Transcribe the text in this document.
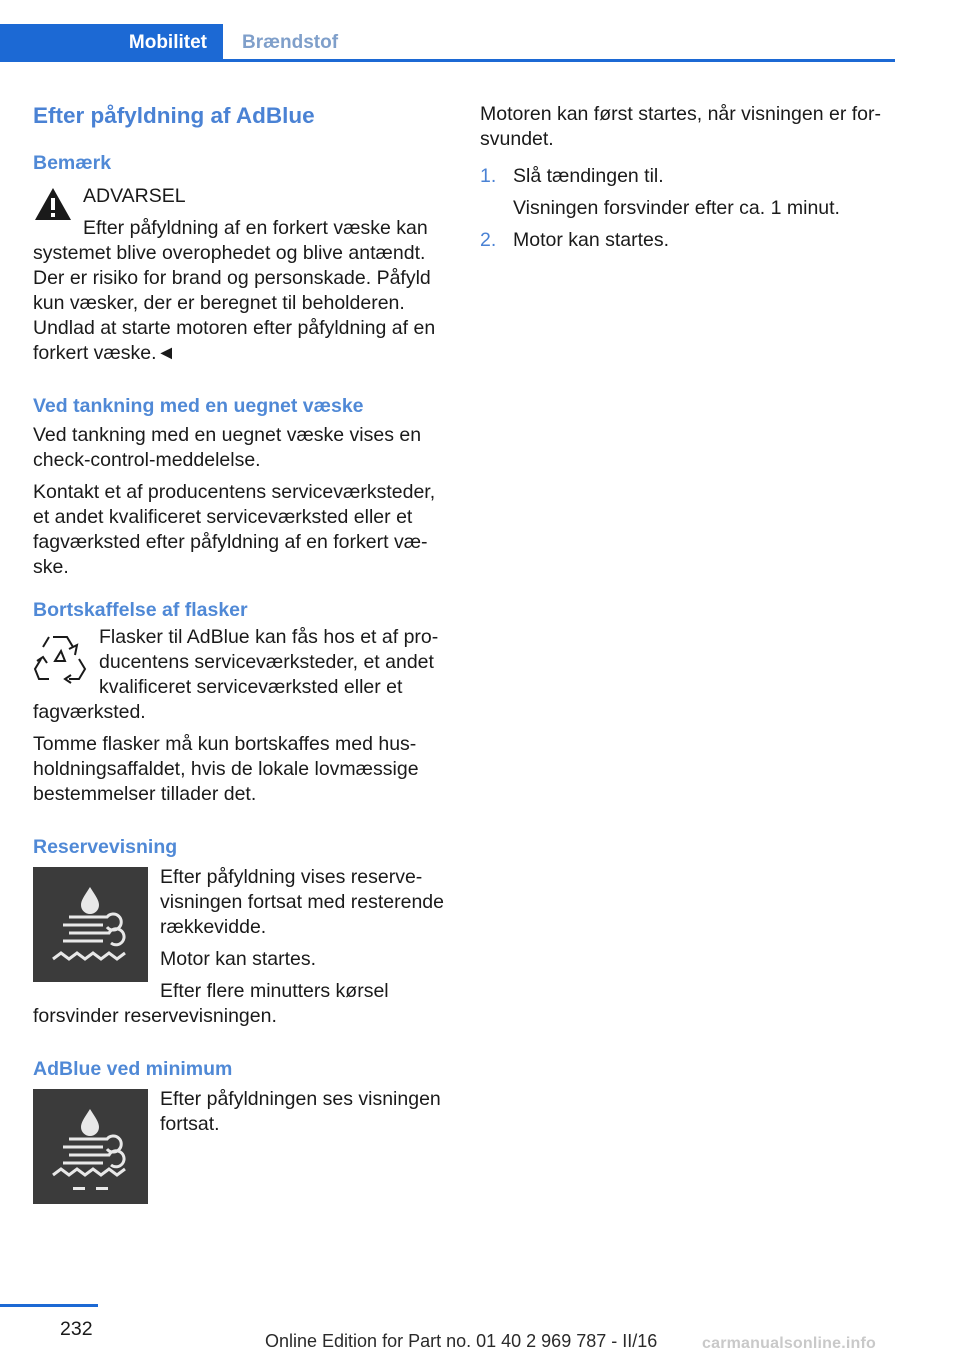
Mobilitet Brændstof
Efter påfyldning af AdBlue
Bemærk

ADVARSEL

Efter påfyldning af en forkert væske kan systemet blive overophedet og blive antændt. Der er risiko for brand og personskade. Påfyld kun væsker, der er beregnet til beholderen. Undlad at starte motoren efter påfyldning af en forkert væske.◄

Ved tankning med en uegnet væske

Ved tankning med en uegnet væske vises en check-control-meddelelse.

Kontakt et af producentens serviceværksteder, et andet kvalificeret serviceværksted eller et fagværksted efter påfyldning af en forkert væske.

Bortskaffelse af flasker

Flasker til AdBlue kan fås hos et af producentens serviceværksteder, et andet kvalificeret serviceværksted eller et fagværksted.

Tomme flasker må kun bortskaffes med husholdningsaffaldet, hvis de lokale lovmæssige bestemmelser tillader det.

Reservevisning

Efter påfyldning vises reservevisningen fortsat med resterende rækkevidde.

Motor kan startes.

Efter flere minutters kørsel forsvinder reservevisningen.

AdBlue ved minimum

Efter påfyldningen ses visningen fortsat.

Motoren kan først startes, når visningen er forsvundet.

1. Slå tændingen til.
Visningen forsvinder efter ca. 1 minut.
2. Motor kan startes.
232
Online Edition for Part no. 01 40 2 969 787 - II/16	carmanualsonline.info
